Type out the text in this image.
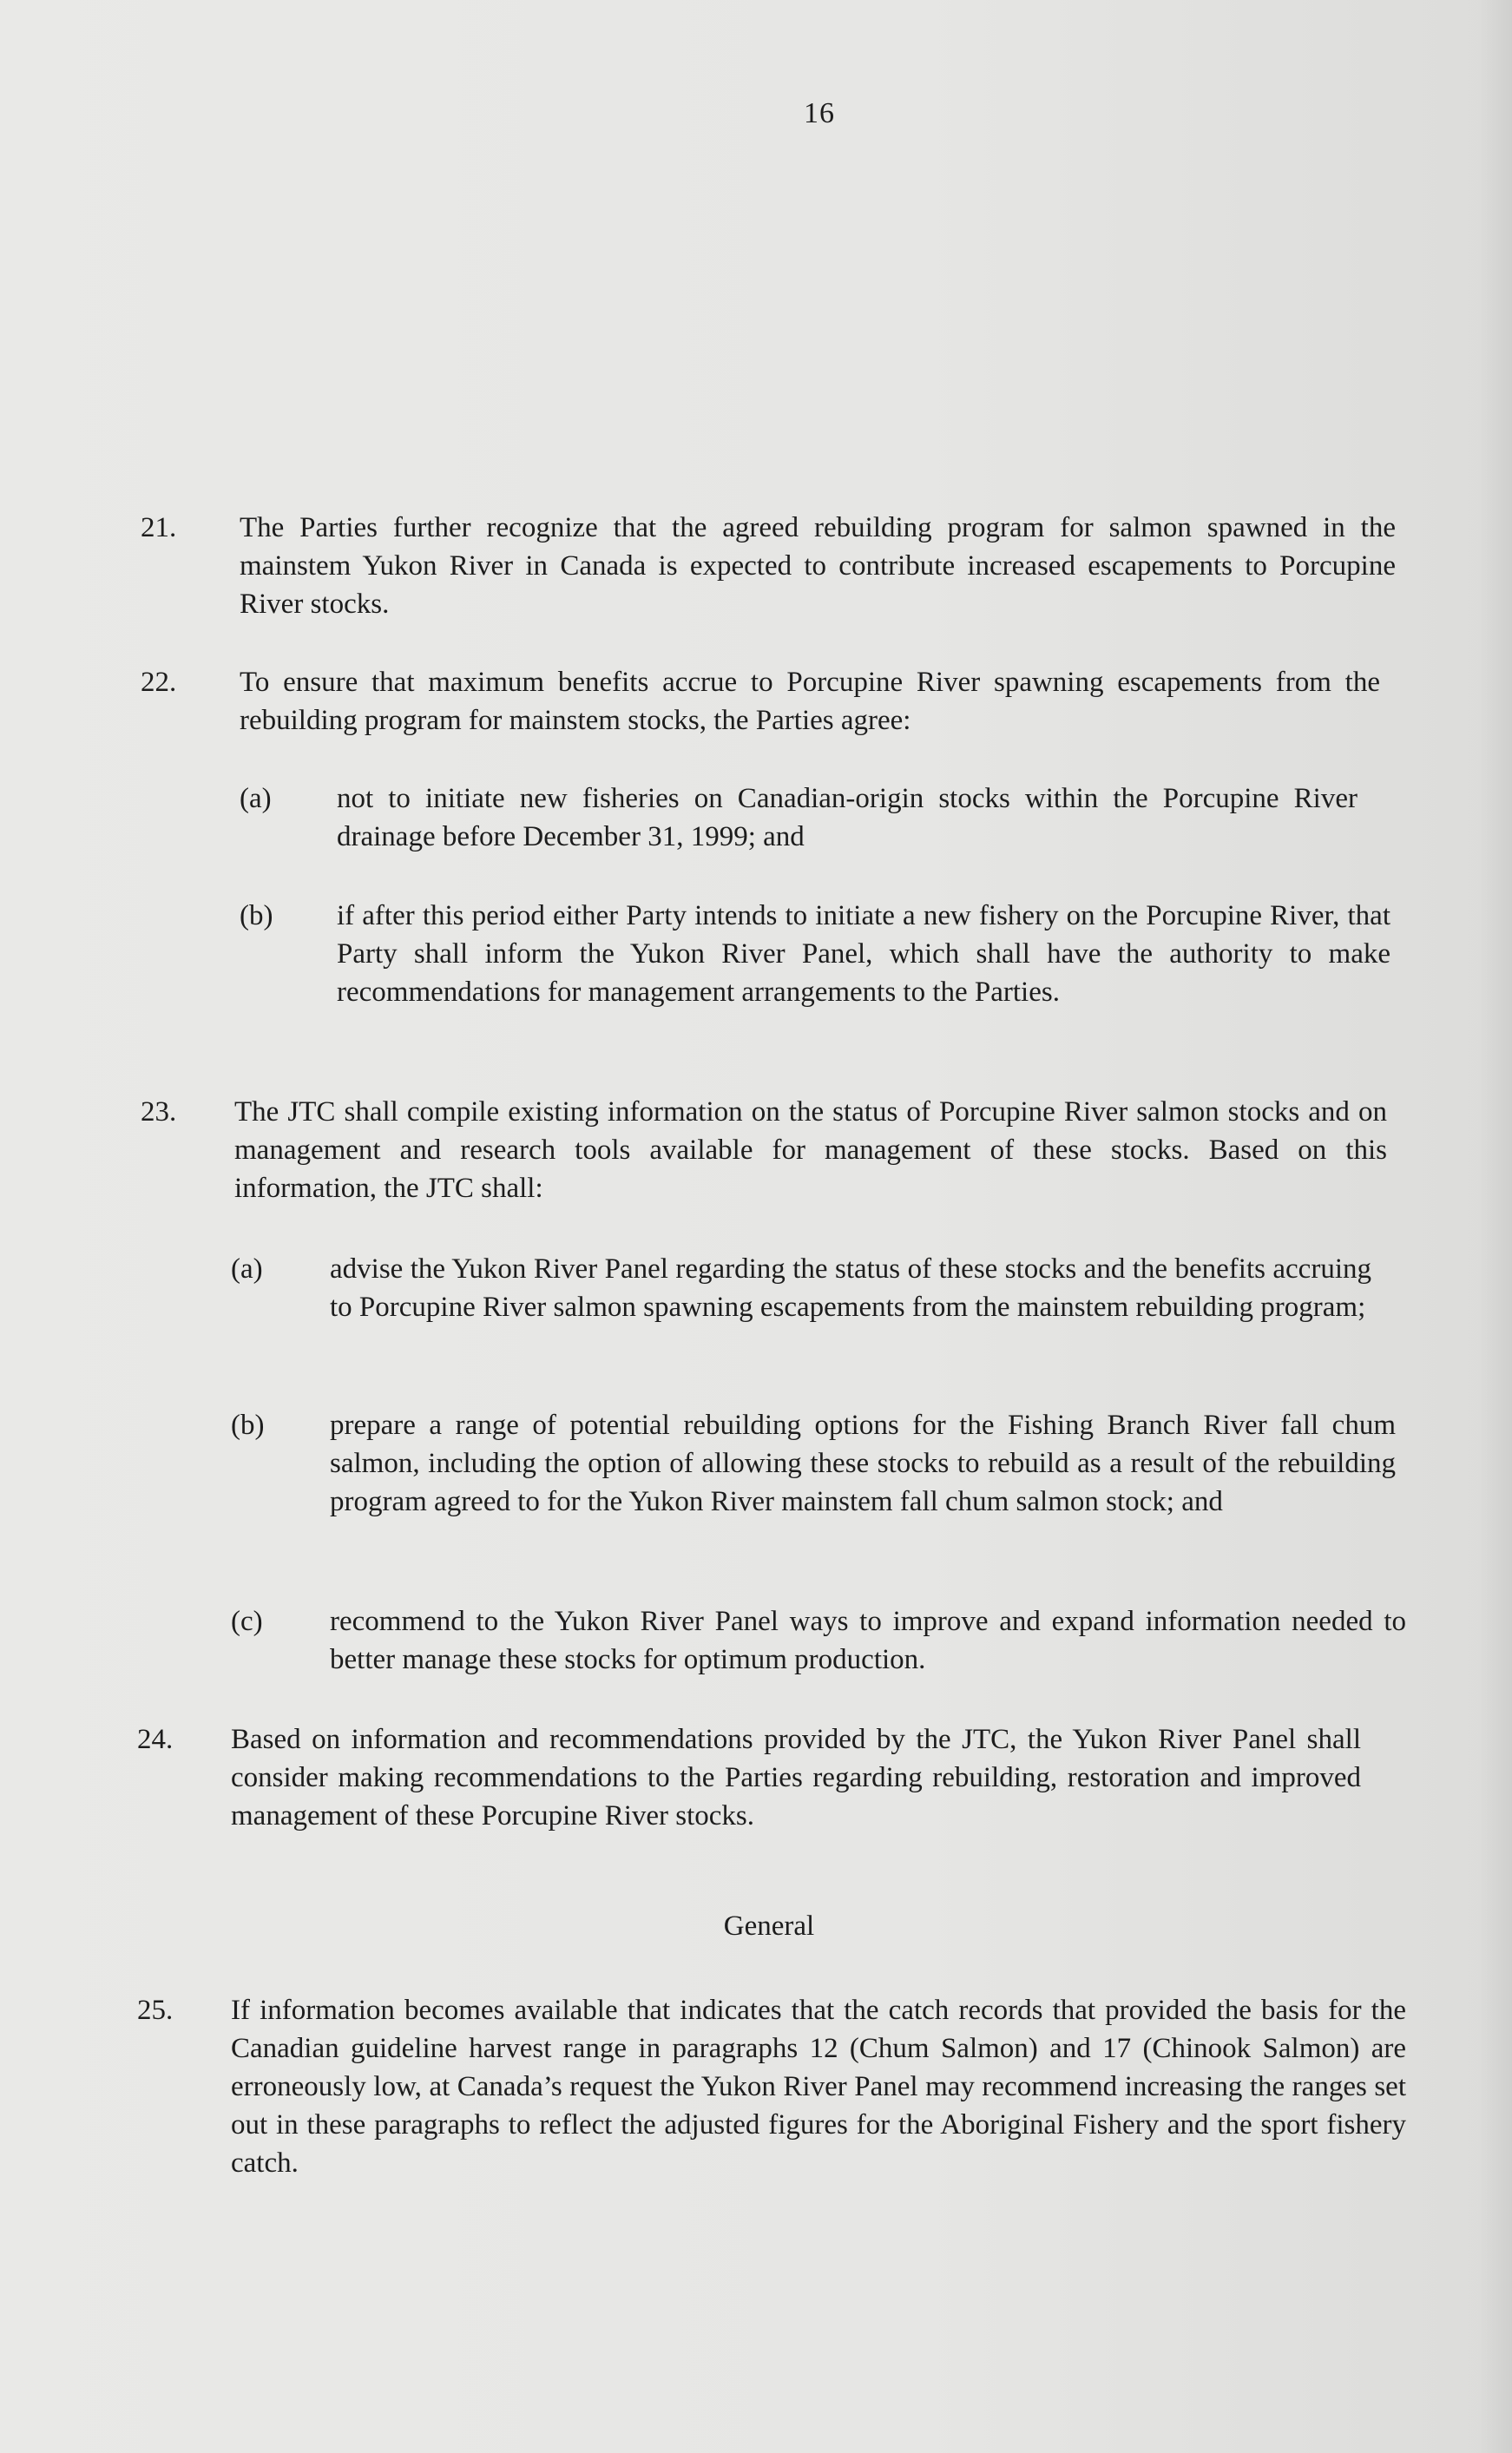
16
21. The Parties further recognize that the agreed rebuilding program for salmon spawned in the mainstem Yukon River in Canada is expected to contribute increased escapements to Porcupine River stocks.
22. To ensure that maximum benefits accrue to Porcupine River spawning escapements from the rebuilding program for mainstem stocks, the Parties agree:
(a) not to initiate new fisheries on Canadian-origin stocks within the Porcupine River drainage before December 31, 1999; and
(b) if after this period either Party intends to initiate a new fishery on the Porcupine River, that Party shall inform the Yukon River Panel, which shall have the authority to make recommendations for management arrangements to the Parties.
23. The JTC shall compile existing information on the status of Porcupine River salmon stocks and on management and research tools available for management of these stocks. Based on this information, the JTC shall:
(a) advise the Yukon River Panel regarding the status of these stocks and the benefits accruing to Porcupine River salmon spawning escapements from the mainstem rebuilding program;
(b) prepare a range of potential rebuilding options for the Fishing Branch River fall chum salmon, including the option of allowing these stocks to rebuild as a result of the rebuilding program agreed to for the Yukon River mainstem fall chum salmon stock; and
(c) recommend to the Yukon River Panel ways to improve and expand information needed to better manage these stocks for optimum production.
24. Based on information and recommendations provided by the JTC, the Yukon River Panel shall consider making recommendations to the Parties regarding rebuilding, restoration and improved management of these Porcupine River stocks.
General
25. If information becomes available that indicates that the catch records that provided the basis for the Canadian guideline harvest range in paragraphs 12 (Chum Salmon) and 17 (Chinook Salmon) are erroneously low, at Canada’s request the Yukon River Panel may recommend increasing the ranges set out in these paragraphs to reflect the adjusted figures for the Aboriginal Fishery and the sport fishery catch.
